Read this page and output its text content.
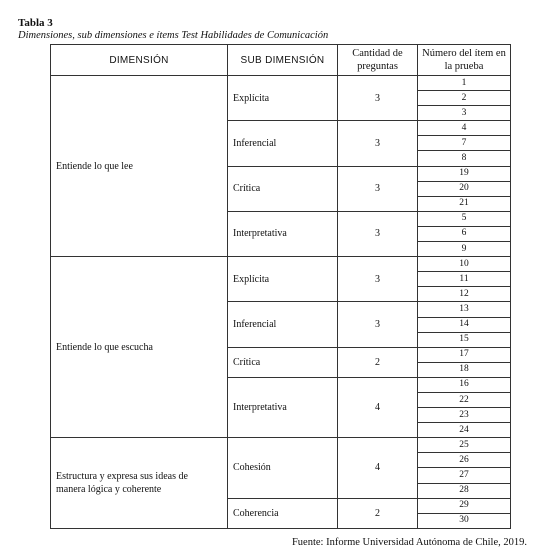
Tabla 3
Dimensiones, sub dimensiones e ítems Test Habilidades de Comunicación
DIMENSIÓN	SUB DIMENSIÓN	Cantidad de preguntas	Número del ítem en la prueba
Entiende lo que lee	Explícita	3	1
			2
			3
	Inferencial	3	4
			7
			8
	Crítica	3	19
			20
			21
	Interpretativa	3	5
			6
			9
Entiende lo que escucha	Explícita	3	10
			11
			12
	Inferencial	3	13
			14
			15
	Crítica	2	17
			18
	Interpretativa	4	16
			22
			23
			24
Estructura y expresa sus ideas de manera lógica y coherente	Cohesión	4	25
			26
			27
			28
	Coherencia	2	29
			30
Fuente: Informe Universidad Autónoma de Chile, 2019.
